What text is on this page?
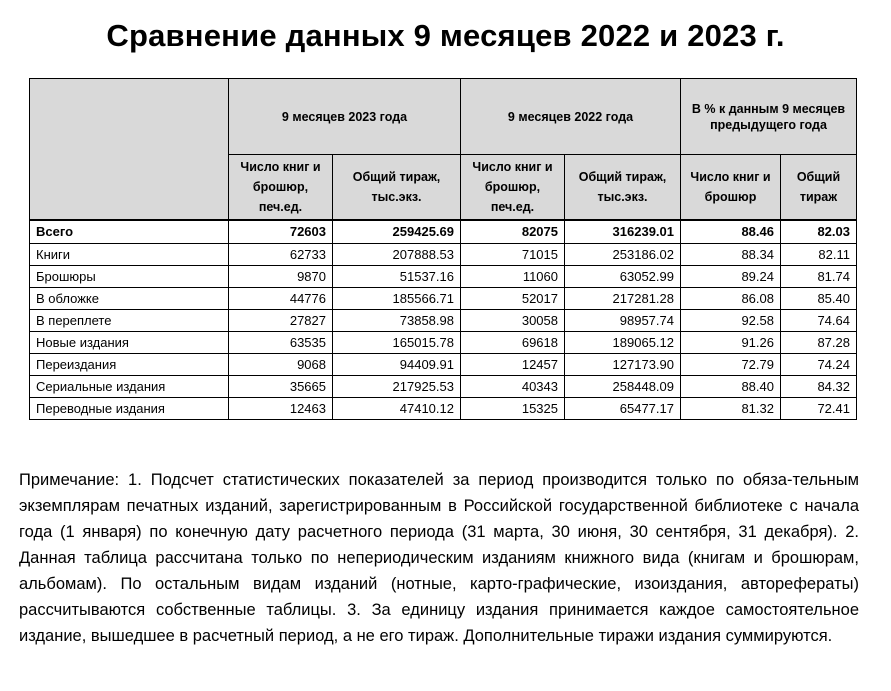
Сравнение данных 9 месяцев 2022 и 2023 г.
	9 месяцев 2023 года		9 месяцев 2022 года		В % к данным 9 месяцев предыдущего года	
	Число книг и брошюр, печ.ед.	Общий тираж, тыс.экз.	Число книг и брошюр, печ.ед.	Общий тираж, тыс.экз.	Число книг и брошюр	Общий тираж
Всего	72603	259425.69	82075	316239.01	88.46	82.03
Книги	62733	207888.53	71015	253186.02	88.34	82.11
Брошюры	9870	51537.16	11060	63052.99	89.24	81.74
В обложке	44776	185566.71	52017	217281.28	86.08	85.40
В переплете	27827	73858.98	30058	98957.74	92.58	74.64
Новые издания	63535	165015.78	69618	189065.12	91.26	87.28
Переиздания	9068	94409.91	12457	127173.90	72.79	74.24
Сериальные издания	35665	217925.53	40343	258448.09	88.40	84.32
Переводные издания	12463	47410.12	15325	65477.17	81.32	72.41
Примечание: 1. Подсчет статистических показателей за период производится только по обяза-тельным экземплярам печатных изданий, зарегистрированным в Российской государственной библиотеке с начала года (1 января) по конечную дату расчетного периода (31 марта, 30 июня, 30 сентября, 31 декабря). 2. Данная таблица рассчитана только по непериодическим изданиям книжного вида (книгам и брошюрам, альбомам). По остальным видам изданий (нотные, карто-графические, изоиздания, авторефераты) рассчитываются собственные таблицы. 3. За единицу издания принимается каждое самостоятельное издание, вышедшее в расчетный период, а не его тираж. Дополнительные тиражи издания суммируются.
